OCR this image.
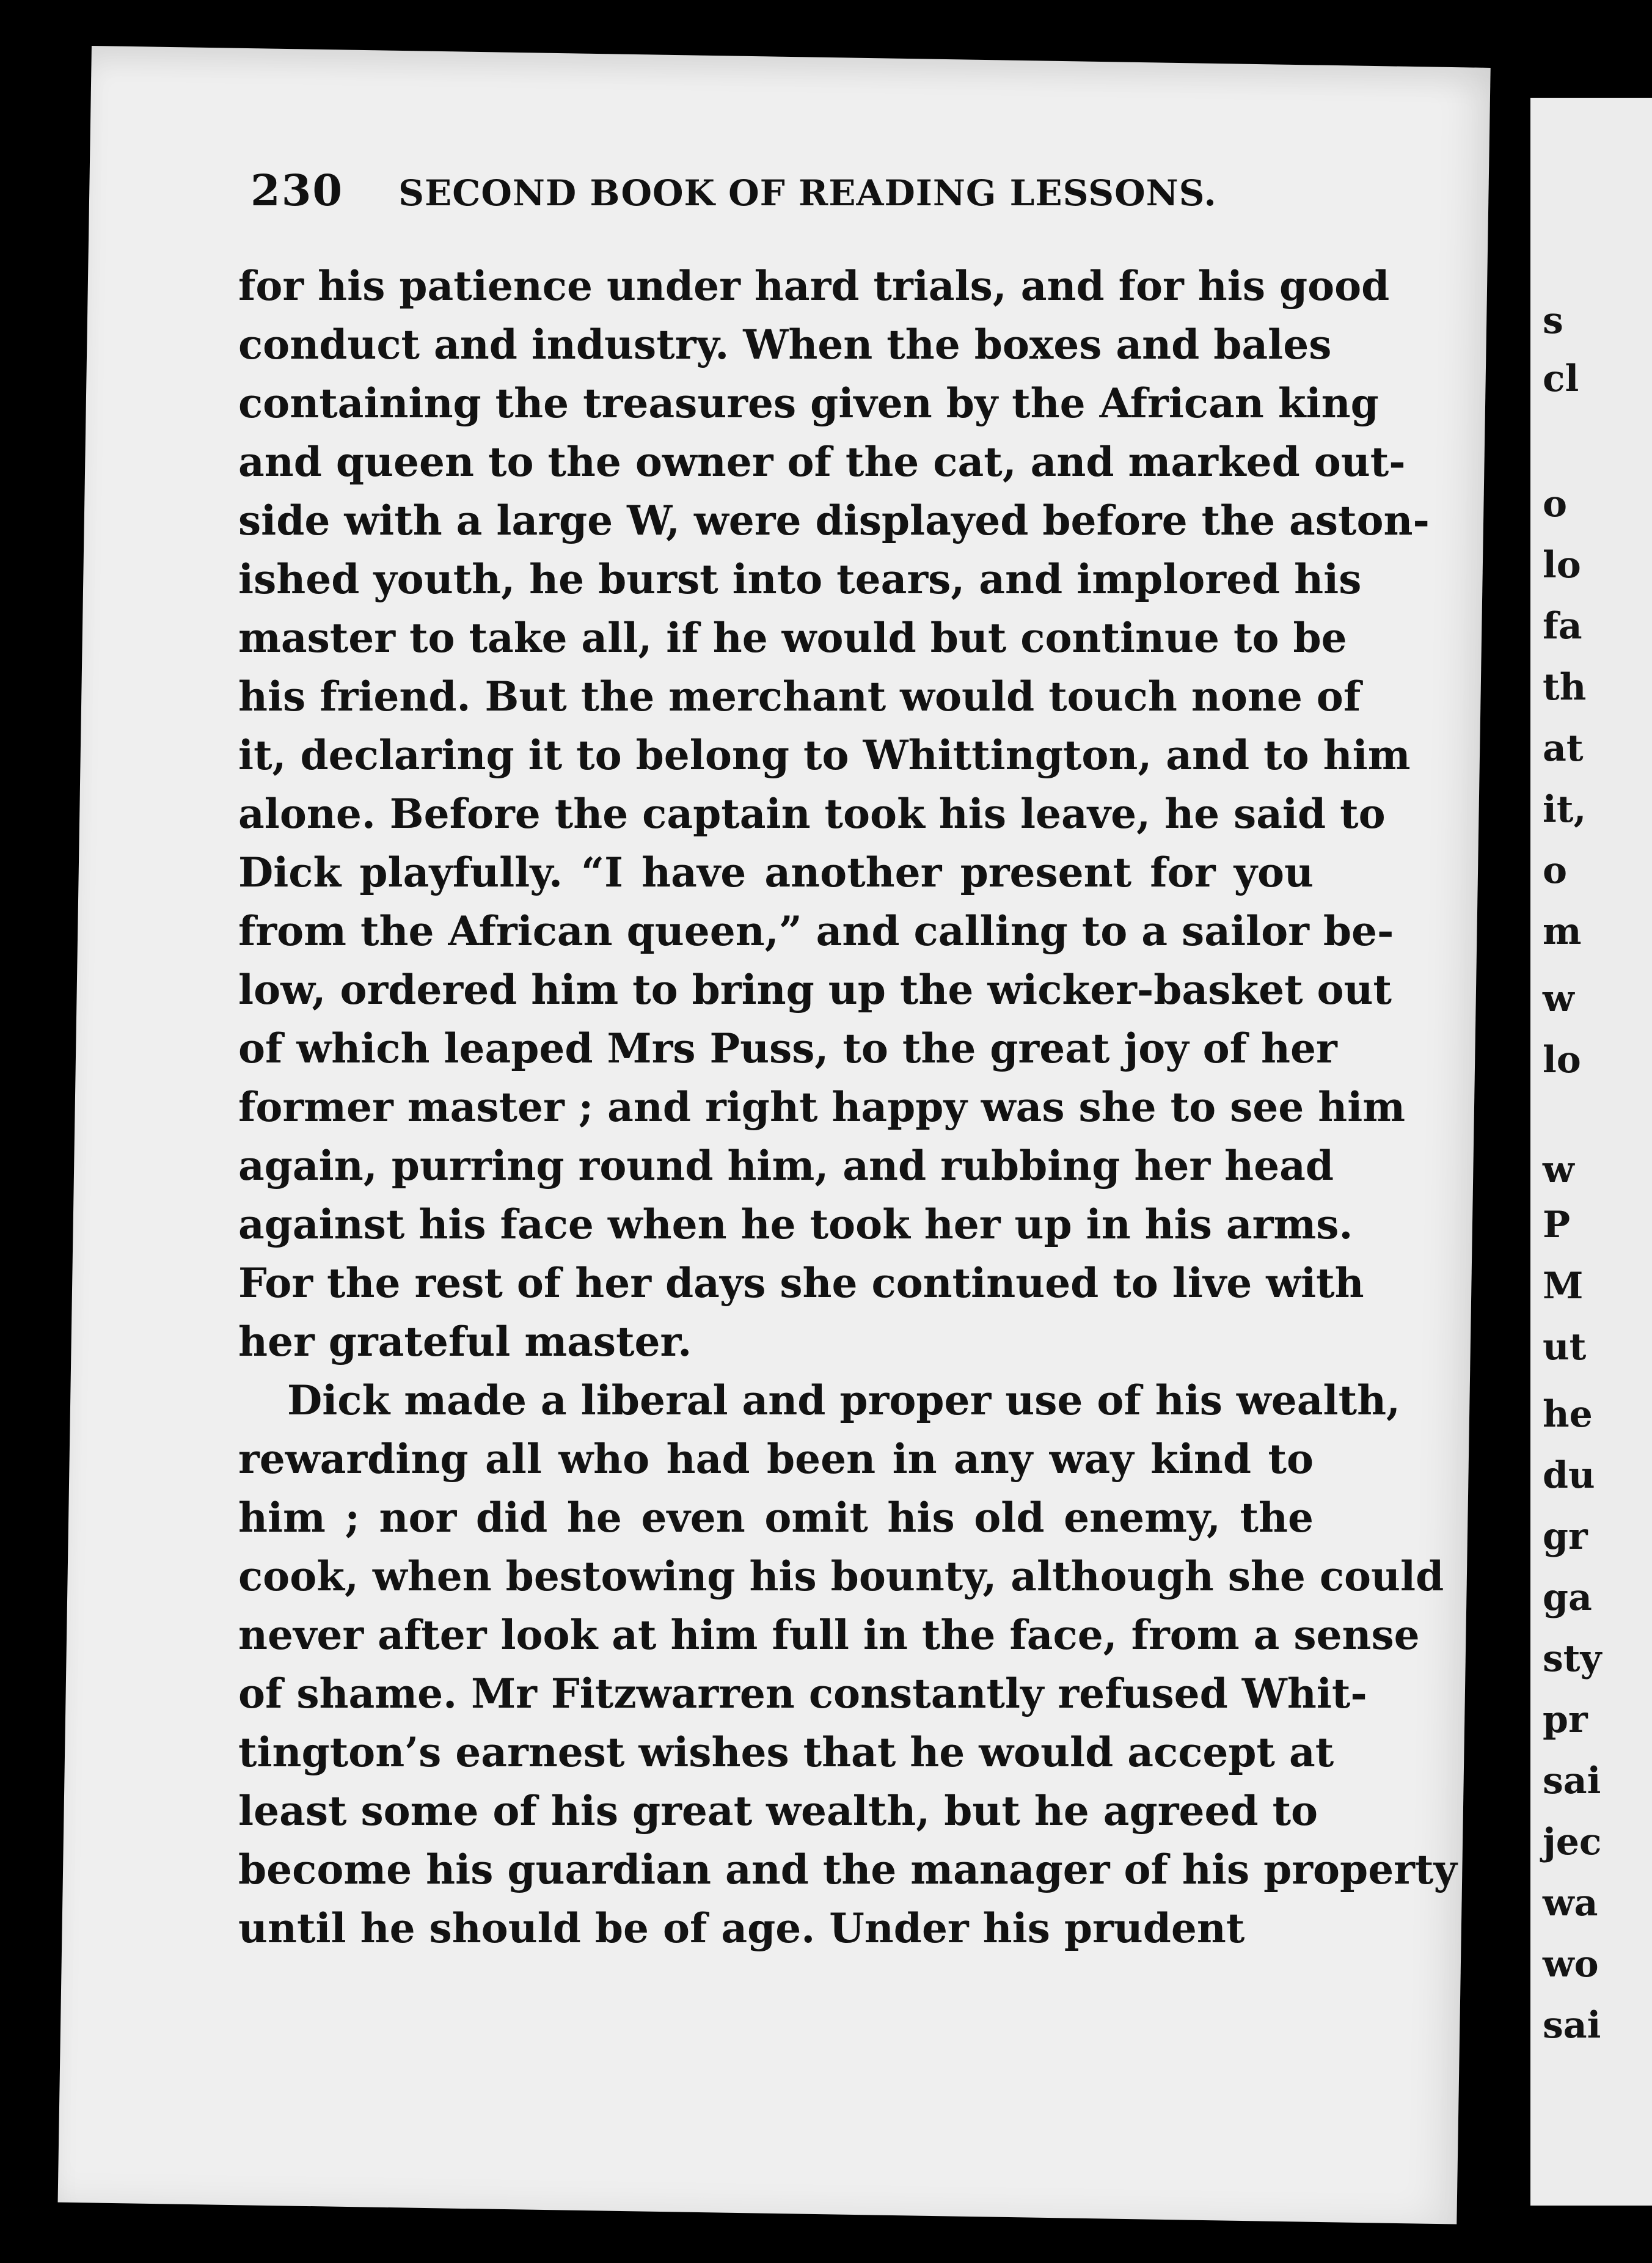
230 SECOND BOOK OF READING LESSONS.
for his patience under hard trials, and for his good
conduct and industry. When the boxes and bales
containing the treasures given by the African king
and queen to the owner of the cat, and marked out-
side with a large W, were displayed before the aston-
ished youth, he burst into tears, and implored his
master to take all, if he would but continue to be
his friend. But the merchant would touch none of
it, declaring it to belong to Whittington, and to him
alone. Before the captain took his leave, he said to
Dick playfully. “I have another present for you
from the African queen,” and calling to a sailor be-
low, ordered him to bring up the wicker-basket out
of which leaped Mrs Puss, to the great joy of her
former master ; and right happy was she to see him
again, purring round him, and rubbing her head
against his face when he took her up in his arms.
For the rest of her days she continued to live with
her grateful master.
Dick made a liberal and proper use of his wealth,
rewarding all who had been in any way kind to
him ; nor did he even omit his old enemy, the
cook, when bestowing his bounty, although she could
never after look at him full in the face, from a sense
of shame. Mr Fitzwarren constantly refused Whit-
tington’s earnest wishes that he would accept at
least some of his great wealth, but he agreed to
become his guardian and the manager of his property
until he should be of age. Under his prudent
s
cl
o
lo
fa
th
at
it,
o
m
w
lo
w
P
M
ut
he
du
gr
ga
sty
pr
sai
jec
wa
wo
sai
